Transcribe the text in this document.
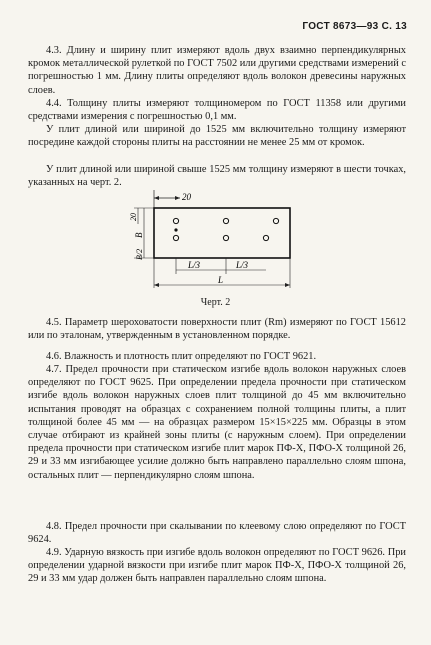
ГОСТ 8673—93 С. 13

4.3. Длину и ширину плит измеряют вдоль двух взаимно перпендикулярных кромок металлической рулеткой по ГОСТ 7502 или другими средствами измерений с погрешностью 1 мм. Длину плиты определяют вдоль волокон древесины наружных слоев.

4.4. Толщину плиты измеряют толщиномером по ГОСТ 11358 или другими средствами измерения с погрешностью 0,1 мм.

У плит длиной или шириной до 1525 мм включительно толщину измеряют посредине каждой стороны плиты на расстоянии не менее 25 мм от кромок.

У плит длиной или шириной свыше 1525 мм толщину измеряют в шести точках, указанных на черт. 2.

20
20
B
B/2
L/3	L/3
L
Черт. 2

4.5. Параметр шероховатости поверхности плит (Rm) измеряют по ГОСТ 15612 или по эталонам, утвержденным в установленном порядке.

4.6. Влажность и плотность плит определяют по ГОСТ 9621.

4.7. Предел прочности при статическом изгибе вдоль волокон наружных слоев определяют по ГОСТ 9625. При определении предела прочности при статическом изгибе вдоль волокон наружных слоев плит толщиной до 45 мм включительно испытания проводят на образцах с сохранением полной толщины плиты, а плит толщиной более 45 мм — на образцах размером 15×15×225 мм. Образцы в этом случае отбирают из крайней зоны плиты (с наружным слоем). При определении предела прочности при статическом изгибе плит марок ПФ-Х, ПФО-Х толщиной 26, 29 и 33 мм изгибающее усилие должно быть направлено параллельно слоям шпона, остальных плит — перпендикулярно слоям шпона.

4.8. Предел прочности при скалывании по клеевому слою определяют по ГОСТ 9624.

4.9. Ударную вязкость при изгибе вдоль волокон определяют по ГОСТ 9626. При определении ударной вязкости при изгибе плит марок ПФ-Х, ПФО-Х толщиной 26, 29 и 33 мм удар должен быть направлен параллельно слоям шпона.
